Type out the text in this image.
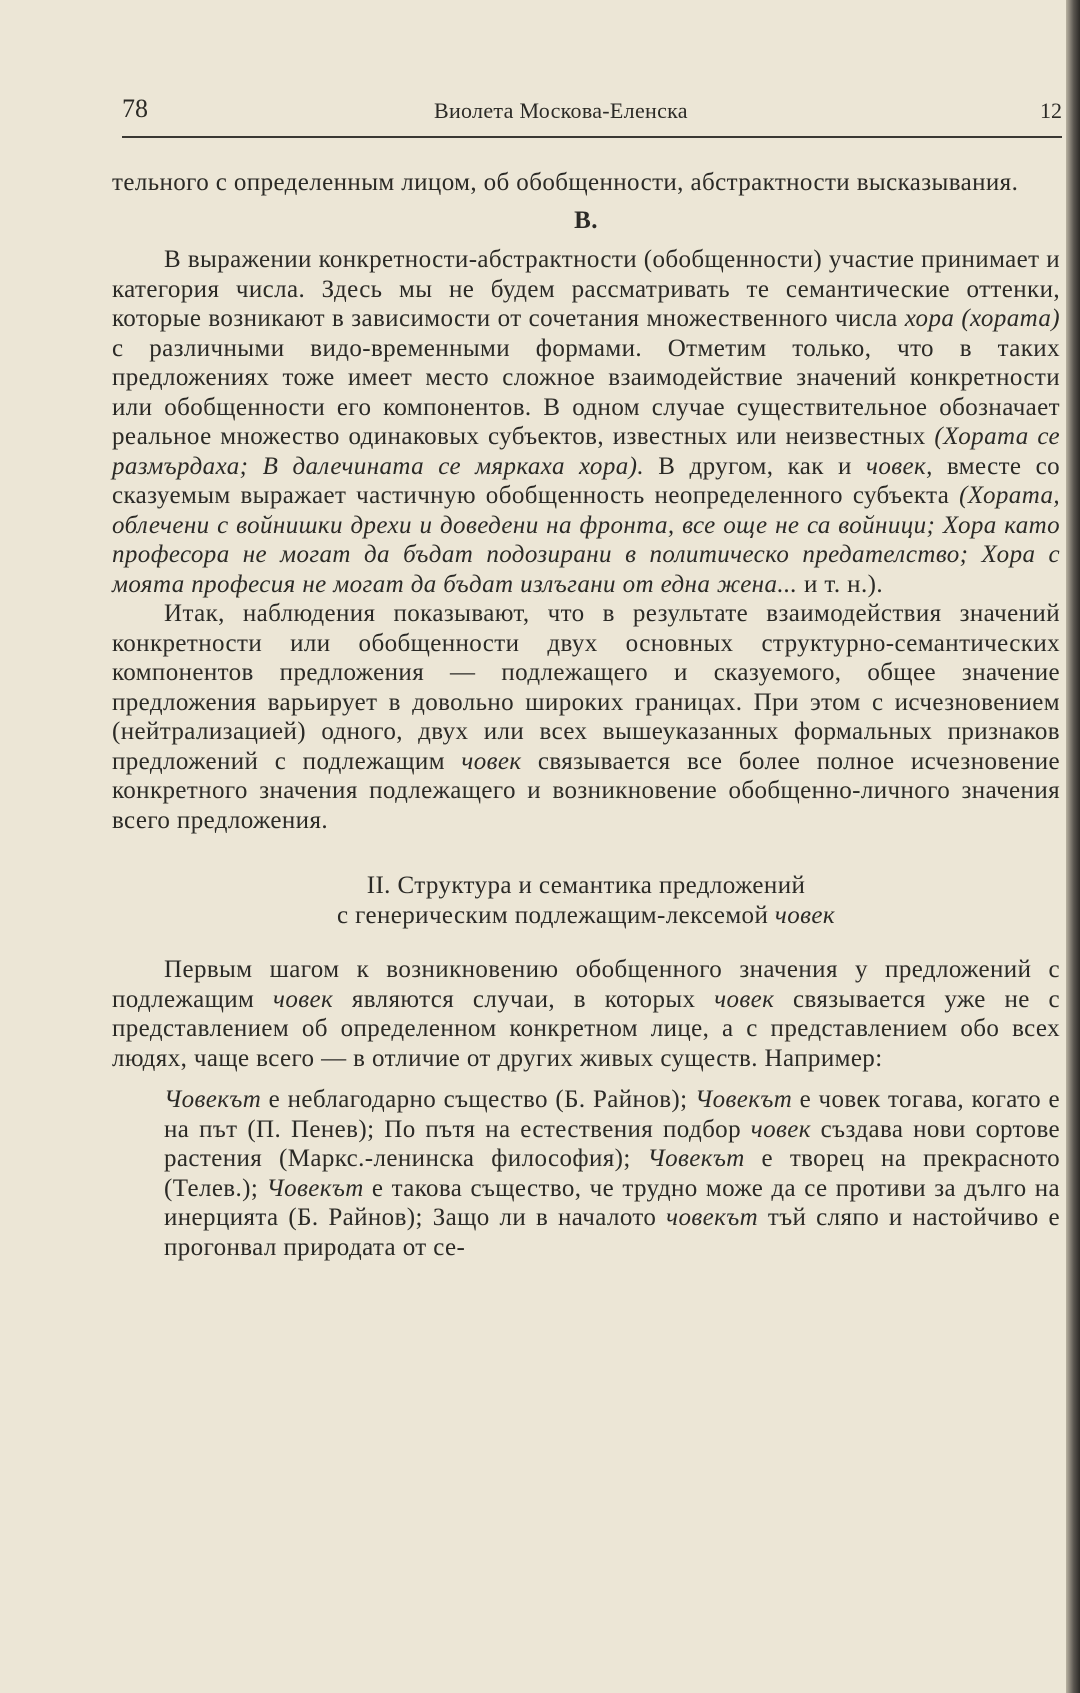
78	Виолета Москова-Еленска	12

тельного с определенным лицом, об обобщенности, абстрактности высказывания.

В.

В выражении конкретности-абстрактности (обобщенности) участие принимает и категория числа. Здесь мы не будем рассматривать те семантические оттенки, которые возникают в зависимости от сочетания множественного числа хора (хората) с различными видо-временными формами. Отметим только, что в таких предложениях тоже имеет место сложное взаимодействие значений конкретности или обобщенности его компонентов. В одном случае существительное обозначает реальное множество одинаковых субъектов, известных или неизвестных (Хората се размърдаха; В далечината се мяркаха хора). В другом, как и човек, вместе со сказуемым выражает частичную обобщенность неопределенного субъекта (Хората, облечени с войнишки дрехи и доведени на фронта, все още не са войници; Хора като професора не могат да бъдат подозирани в политическо предателство; Хора с моята професия не могат да бъдат излъгани от една жена... и т. н.).

Итак, наблюдения показывают, что в результате взаимодействия значений конкретности или обобщенности двух основных структурно-семантических компонентов предложения — подлежащего и сказуемого, общее значение предложения варьирует в довольно широких границах. При этом с исчезновением (нейтрализацией) одного, двух или всех вышеуказанных формальных признаков предложений с подлежащим човек связывается все более полное исчезновение конкретного значения подлежащего и возникновение обобщенно-личного значения всего предложения.

II. Структура и семантика предложений
с генерическим подлежащим-лексемой човек

Первым шагом к возникновению обобщенного значения у предложений с подлежащим човек являются случаи, в которых човек связывается уже не с представлением об определенном конкретном лице, а с представлением обо всех людях, чаще всего — в отличие от других живых существ. Например:

Човекът е неблагодарно същество (Б. Райнов); Човекът е човек тогава, когато е на път (П. Пенев); По пътя на естествения подбор човек създава нови сортове растения (Маркс.-ленинска философия); Човекът е творец на прекрасното (Телев.); Човекът е такова същество, че трудно може да се противи за дълго на инерцията (Б. Райнов); Защо ли в началото човекът тъй сляпо и настойчиво е прогонвал природата от се-
